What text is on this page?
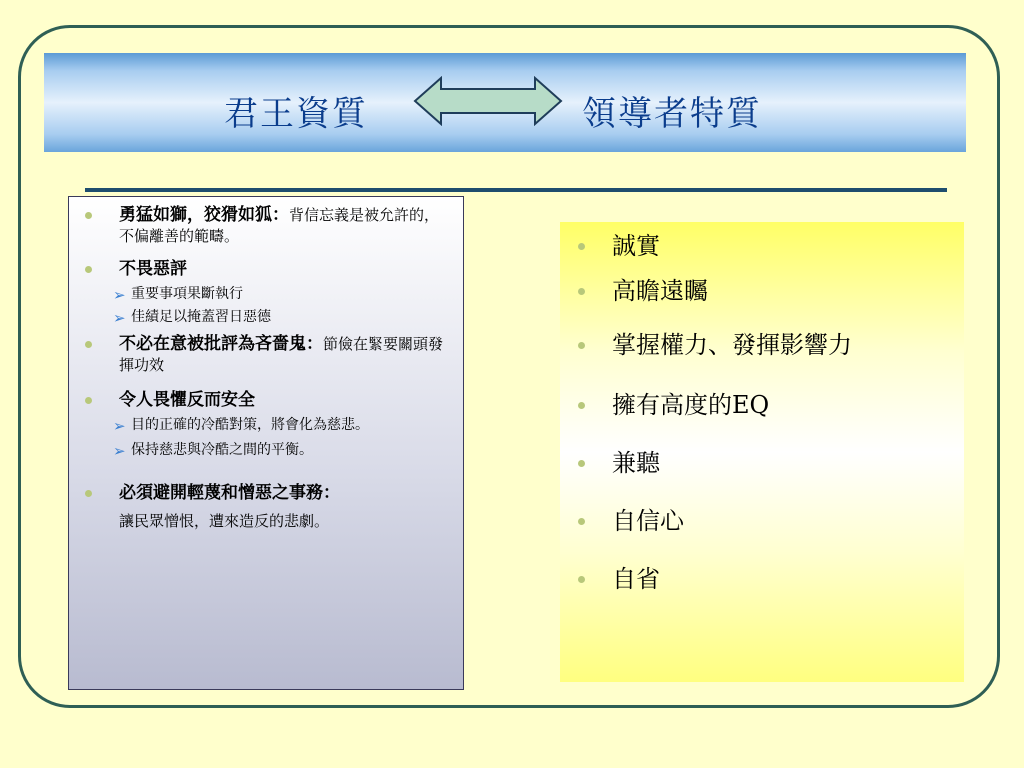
君王資質	領導者特質
勇猛如獅，狡猾如狐：背信忘義是被允許的，不偏離善的範疇。
不畏惡評
➢ 重要事項果斷執行
➢ 佳績足以掩蓋習日惡德
不必在意被批評為吝嗇鬼：節儉在緊要關頭發揮功效
令人畏懼反而安全
➢ 目的正確的冷酷對策，將會化為慈悲。
➢ 保持慈悲與冷酷之間的平衡。
必須避開輕蔑和憎惡之事務：
讓民眾憎恨，遭來造反的悲劇。
誠實
高瞻遠矚
掌握權力、發揮影響力
擁有高度的EQ
兼聽
自信心
自省
